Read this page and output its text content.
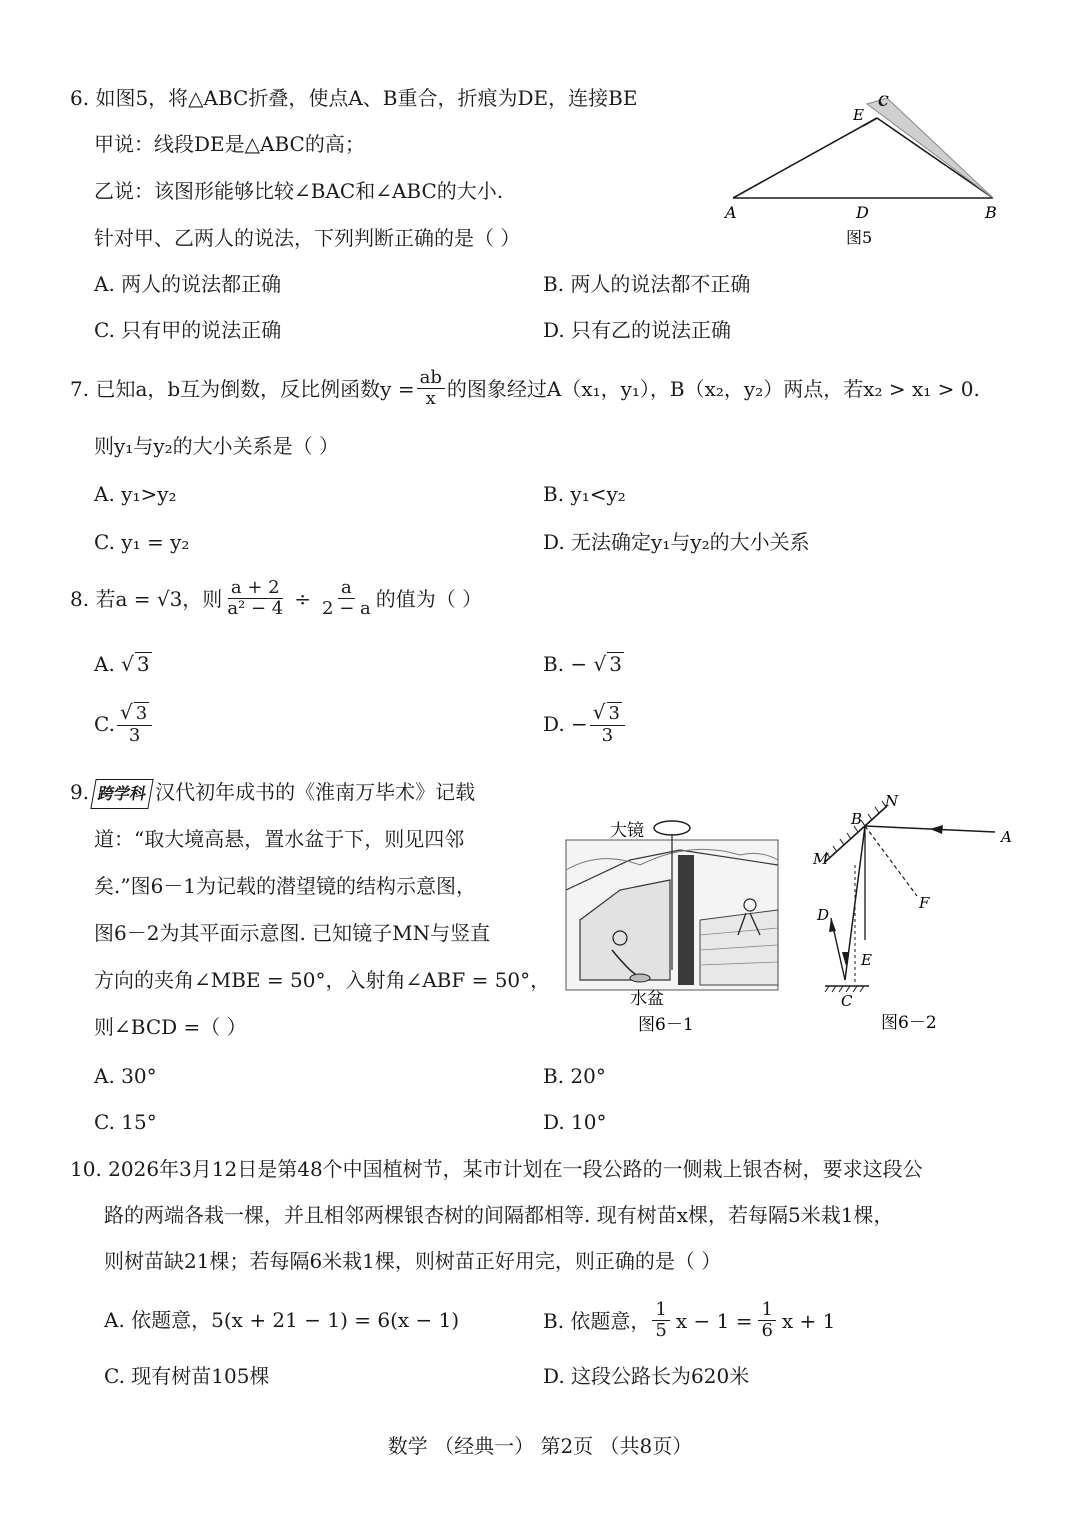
6. 如图5，将△ABC折叠，使点A、B重合，折痕为DE，连接BE
甲说：线段DE是△ABC的高；
乙说：该图形能够比较∠BAC和∠ABC的大小.
针对甲、乙两人的说法，下列判断正确的是（ ）
A. 两人的说法都正确	B. 两人的说法都不正确
C. 只有甲的说法正确	D. 只有乙的说法正确
A	D	B
E
C
图5
7. 已知a，b互为倒数，反比例函数$y = \frac{ab}{x}$ 的图象经过A（x₁，y₁），B（x₂，y₂）两点，若x₂ > x₁ > 0.
则y₁与y₂的大小关系是（ ）
A. y₁>y₂	B. y₁<y₂
C. y₁ = y₂	D. 无法确定y₁与y₂的大小关系
8. 若a = √3，则 $\frac{a + 2}{\text{a² − 4}} \div \frac{a}{2 - a}$ 的值为（ ）
A. √ 3	B. − √ 3
C. $\frac{√ 3}{3}$	D. − $\frac{√ 3}{3}$
9. 跨学科 汉代初年成书的《淮南万毕术》记载
道：“取大境高悬，置水盆于下，则见四邻
矣.”图6－1为记载的潜望镜的结构示意图，
图6－2为其平面示意图. 已知镜子MN与竖直
方向的夹角∠MBE = 50°，入射角∠ABF = 50°，
则∠BCD =（ ）
大镜
水盆
图6－1
N
B
M
A
F
D
E
C
图6－2
A. 30°	B. 20°
C. 15°	D. 10°
10. 2026年3月12日是第48个中国植树节，某市计划在一段公路的一侧栽上银杏树，要求这段公
路的两端各栽一棵，并且相邻两棵银杏树的间隔都相等. 现有树苗x棵，若每隔5米栽1棵，
则树苗缺21棵；若每隔6米栽1棵，则树苗正好用完，则正确的是（ ）
A. 依题意，5(x + 21 − 1) = 6(x − 1)	B. 依题意， $\frac{1}{5}$ $x - 1 = \frac{1}{6}$ x + 1
C. 现有树苗105棵	D. 这段公路长为620米
数学 （经典一） 第2页 （共8页）
